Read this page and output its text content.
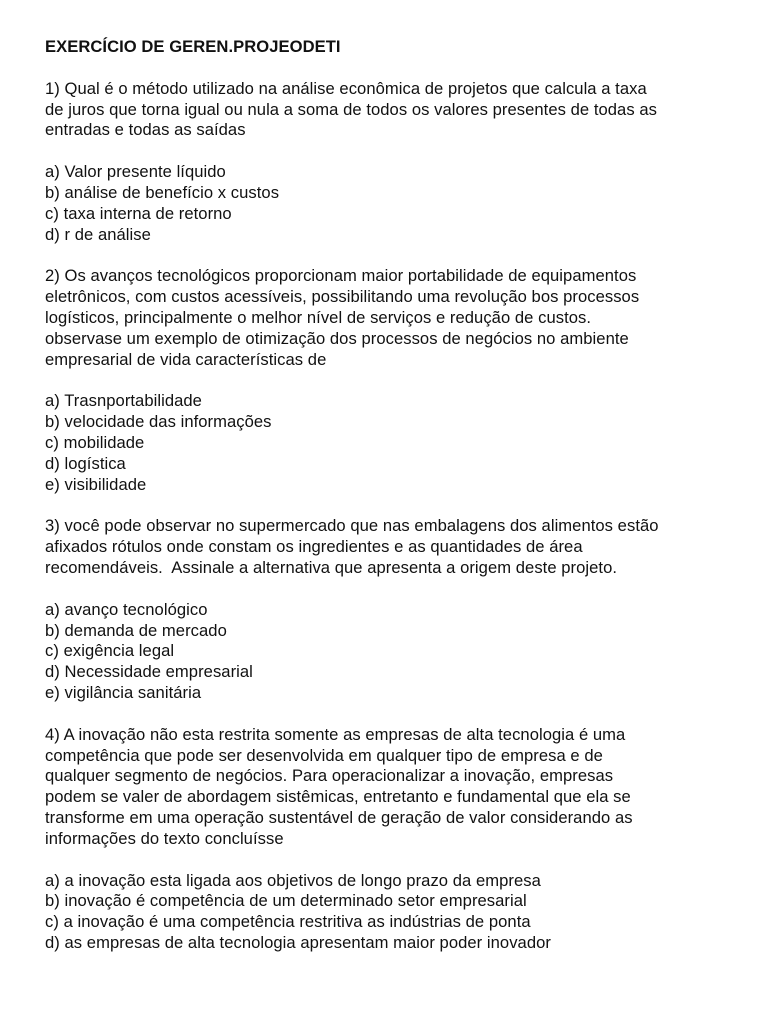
EXERCÍCIO DE GEREN.PROJEODETI
1) Qual é o método utilizado na análise econômica de projetos que calcula a taxa
de juros que torna igual ou nula a soma de todos os valores presentes de todas as
entradas e todas as saídas
a) Valor presente líquido
b) análise de benefício x custos
c) taxa interna de retorno
d) r de análise
2) Os avanços tecnológicos proporcionam maior portabilidade de equipamentos
eletrônicos, com custos acessíveis, possibilitando uma revolução bos processos
logísticos, principalmente o melhor nível de serviços e redução de custos.
observase um exemplo de otimização dos processos de negócios no ambiente
empresarial de vida características de
a) Trasnportabilidade
b) velocidade das informações
c) mobilidade
d) logística
e) visibilidade
3) você pode observar no supermercado que nas embalagens dos alimentos estão
afixados rótulos onde constam os ingredientes e as quantidades de área
recomendáveis.  Assinale a alternativa que apresenta a origem deste projeto.
a) avanço tecnológico
b) demanda de mercado
c) exigência legal
d) Necessidade empresarial
e) vigilância sanitária
4) A inovação não esta restrita somente as empresas de alta tecnologia é uma
competência que pode ser desenvolvida em qualquer tipo de empresa e de
qualquer segmento de negócios. Para operacionalizar a inovação, empresas
podem se valer de abordagem sistêmicas, entretanto e fundamental que ela se
transforme em uma operação sustentável de geração de valor considerando as
informações do texto concluísse
a) a inovação esta ligada aos objetivos de longo prazo da empresa
b) inovação é competência de um determinado setor empresarial
c) a inovação é uma competência restritiva as indústrias de ponta
d) as empresas de alta tecnologia apresentam maior poder inovador
